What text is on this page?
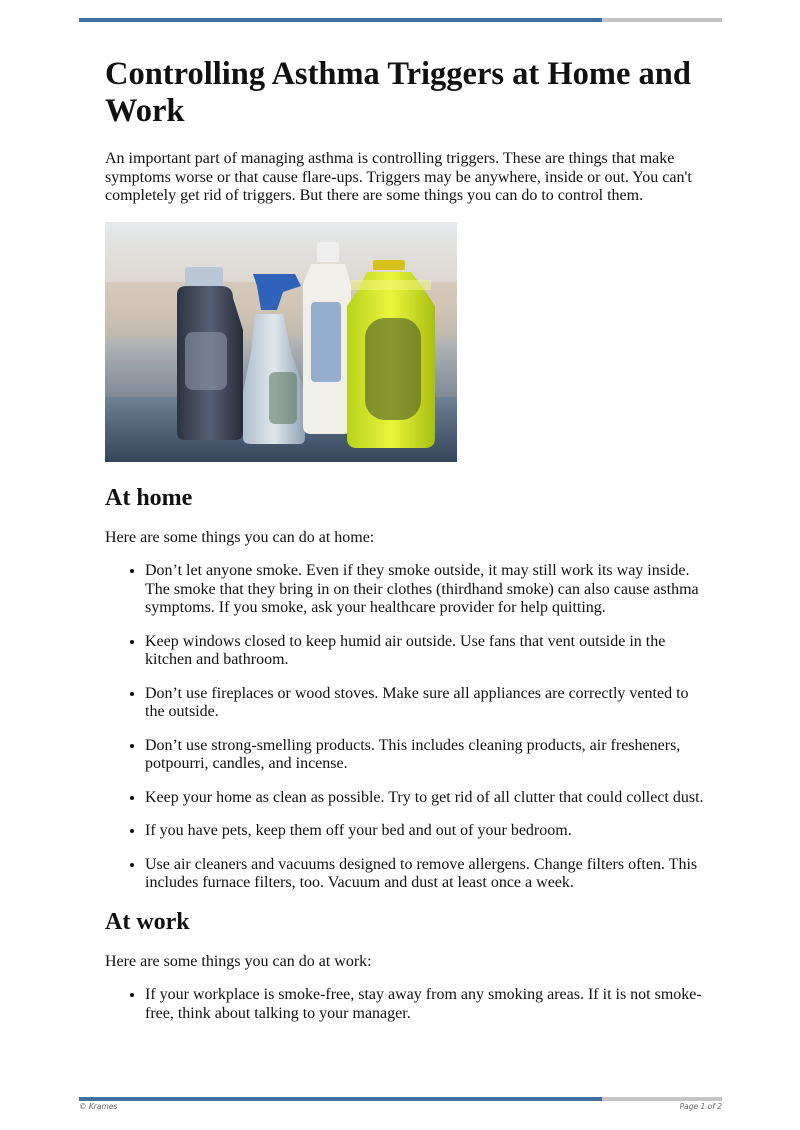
Controlling Asthma Triggers at Home and Work

An important part of managing asthma is controlling triggers. These are things that make symptoms worse or that cause flare-ups. Triggers may be anywhere, inside or out. You can't completely get rid of triggers. But there are some things you can do to control them.

At home

Here are some things you can do at home:

• Don’t let anyone smoke. Even if they smoke outside, it may still work its way inside. The smoke that they bring in on their clothes (thirdhand smoke) can also cause asthma symptoms. If you smoke, ask your healthcare provider for help quitting.
• Keep windows closed to keep humid air outside. Use fans that vent outside in the kitchen and bathroom.
• Don’t use fireplaces or wood stoves. Make sure all appliances are correctly vented to the outside.
• Don’t use strong-smelling products. This includes cleaning products, air fresheners, potpourri, candles, and incense.
• Keep your home as clean as possible. Try to get rid of all clutter that could collect dust.
• If you have pets, keep them off your bed and out of your bedroom.
• Use air cleaners and vacuums designed to remove allergens. Change filters often. This includes furnace filters, too. Vacuum and dust at least once a week.
At work

Here are some things you can do at work:

• If your workplace is smoke-free, stay away from any smoking areas. If it is not smoke-free, think about talking to your manager.
© Krames	Page 1 of 2
